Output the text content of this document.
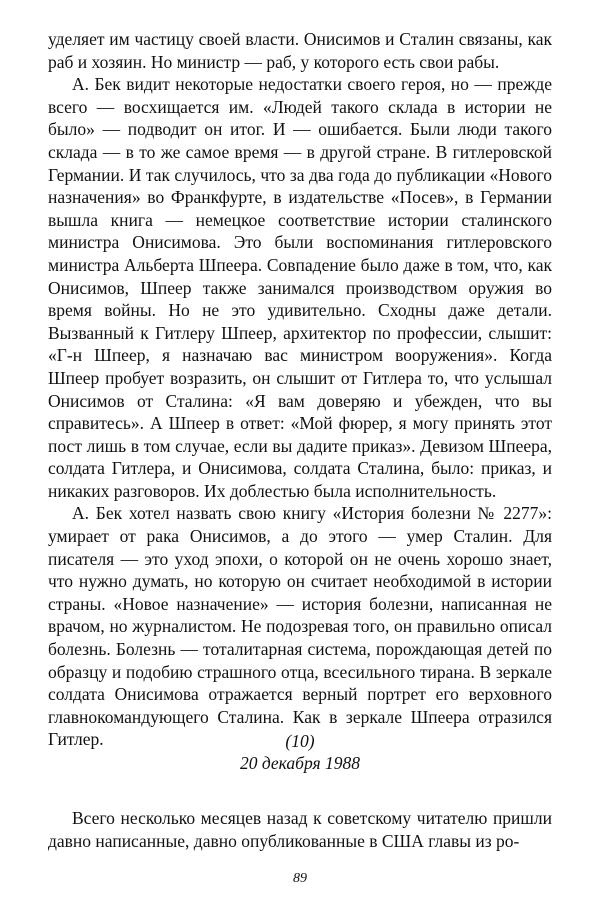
уделяет им частицу своей власти. Онисимов и Сталин связаны, как раб и хозяин. Но министр — раб, у которого есть свои рабы.

А. Бек видит некоторые недостатки своего героя, но — прежде всего — восхищается им. «Людей такого склада в истории не было» — подводит он итог. И — ошибается. Были люди такого склада — в то же самое время — в другой стране. В гитлеровской Германии. И так случилось, что за два года до публикации «Нового назначения» во Франкфурте, в издательстве «Посев», в Германии вышла книга — немецкое соответствие истории сталинского министра Онисимова. Это были воспоминания гитлеровского министра Альберта Шпеера. Совпадение было даже в том, что, как Онисимов, Шпеер также занимался производством оружия во время войны. Но не это удивительно. Сходны даже детали. Вызванный к Гитлеру Шпеер, архитектор по профессии, слышит: «Г-н Шпеер, я назначаю вас министром вооружения». Когда Шпеер пробует возразить, он слышит от Гитлера то, что услышал Онисимов от Сталина: «Я вам доверяю и убежден, что вы справитесь». А Шпеер в ответ: «Мой фюрер, я могу принять этот пост лишь в том случае, если вы дадите приказ». Девизом Шпеера, солдата Гитлера, и Онисимова, солдата Сталина, было: приказ, и никаких разговоров. Их доблестью была исполнительность.

А. Бек хотел назвать свою книгу «История болезни № 2277»: умирает от рака Онисимов, а до этого — умер Сталин. Для писателя — это уход эпохи, о которой он не очень хорошо знает, что нужно думать, но которую он считает необходимой в истории страны. «Новое назначение» — история болезни, написанная не врачом, но журналистом. Не подозревая того, он правильно описал болезнь. Болезнь — тоталитарная система, порождающая детей по образцу и подобию страшного отца, всесильного тирана. В зеркале солдата Онисимова отражается верный портрет его верховного главнокомандующего Сталина. Как в зеркале Шпеера отразился Гитлер.	(10)

20 декабря 1988

Всего несколько месяцев назад к советскому читателю пришли давно написанные, давно опубликованные в США главы из ро-

89
